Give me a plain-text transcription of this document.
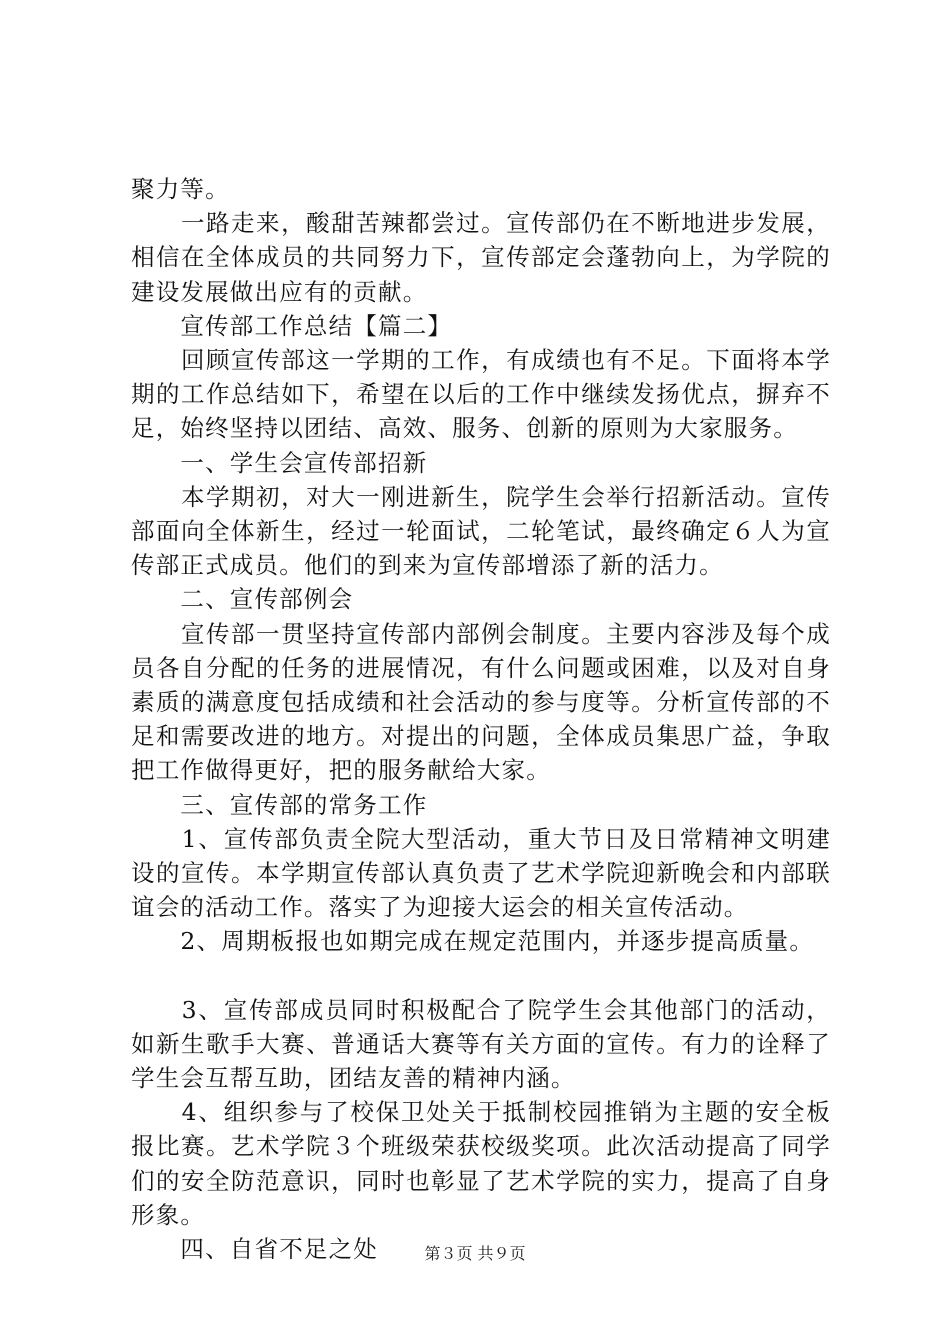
聚力等。

　　一路走来，酸甜苦辣都尝过。宣传部仍在不断地进步发展，相信在全体成员的共同努力下，宣传部定会蓬勃向上，为学院的建设发展做出应有的贡献。

　　宣传部工作总结【篇二】

　　回顾宣传部这一学期的工作，有成绩也有不足。下面将本学期的工作总结如下，希望在以后的工作中继续发扬优点，摒弃不足，始终坚持以团结、高效、服务、创新的原则为大家服务。

　　一、学生会宣传部招新

　　本学期初，对大一刚进新生，院学生会举行招新活动。宣传部面向全体新生，经过一轮面试，二轮笔试，最终确定６人为宣传部正式成员。他们的到来为宣传部增添了新的活力。

　　二、宣传部例会

　　宣传部一贯坚持宣传部内部例会制度。主要内容涉及每个成员各自分配的任务的进展情况，有什么问题或困难，以及对自身素质的满意度包括成绩和社会活动的参与度等。分析宣传部的不足和需要改进的地方。对提出的问题，全体成员集思广益，争取把工作做得更好，把的服务献给大家。

　　三、宣传部的常务工作

　　1、宣传部负责全院大型活动，重大节日及日常精神文明建设的宣传。本学期宣传部认真负责了艺术学院迎新晚会和内部联谊会的活动工作。落实了为迎接大运会的相关宣传活动。

　　2、周期板报也如期完成在规定范围内，并逐步提高质量。

　　3、宣传部成员同时积极配合了院学生会其他部门的活动，如新生歌手大赛、普通话大赛等有关方面的宣传。有力的诠释了学生会互帮互助，团结友善的精神内涵。

　　4、组织参与了校保卫处关于抵制校园推销为主题的安全板报比赛。艺术学院３个班级荣获校级奖项。此次活动提高了同学们的安全防范意识，同时也彰显了艺术学院的实力，提高了自身形象。

　　四、自省不足之处	第３页 共９页
